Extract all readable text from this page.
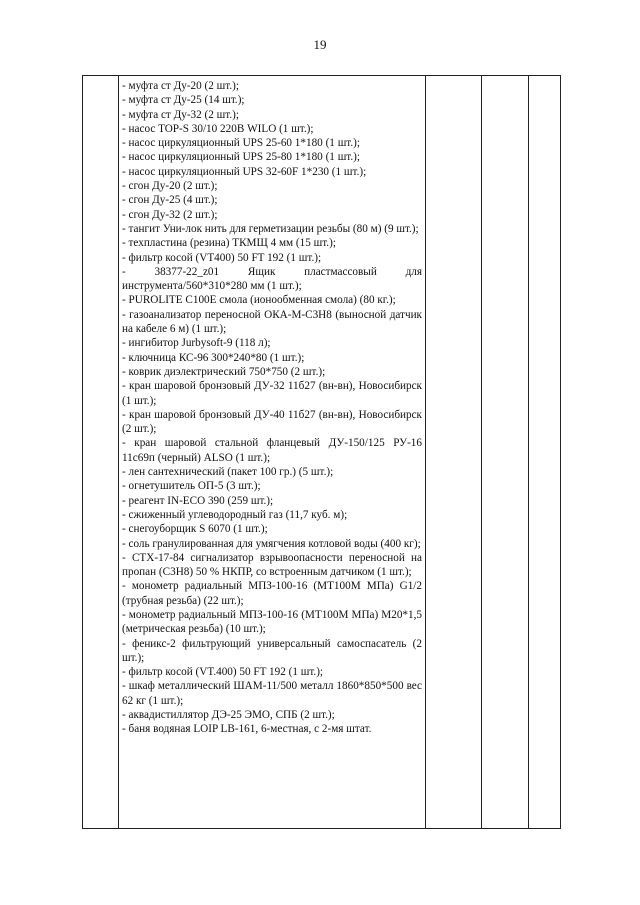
19

- муфта ст Ду-20 (2 шт.);
- муфта ст Ду-25 (14 шт.);
- муфта ст Ду-32 (2 шт.);
- насос TOP-S 30/10 220В WILO (1 шт.);
- насос циркуляционный UPS 25-60 1*180 (1 шт.);
- насос циркуляционный UPS 25-80 1*180 (1 шт.);
- насос циркуляционный UPS 32-60F 1*230 (1 шт.);
- сгон Ду-20 (2 шт.);
- сгон Ду-25 (4 шт.);
- сгон Ду-32 (2 шт.);
- тангит Уни-лок нить для герметизации резьбы (80 м) (9 шт.);
- техпластина (резина) ТКМЩ 4 мм (15 шт.);
- фильтр косой (VT400) 50 FT 192 (1 шт.);
- 38377-22_z01 Ящик пластмассовый для инструмента/560*310*280 мм (1 шт.);
- PUROLITE C100E смола (ионообменная смола) (80 кг.);
- газоанализатор переносной ОКА-М-С3Н8 (выносной датчик на кабеле 6 м) (1 шт.);
- ингибитор Jurbysoft-9 (118 л);
- ключница КС-96 300*240*80 (1 шт.);
- коврик диэлектрический 750*750 (2 шт.);
- кран шаровой бронзовый ДУ-32 11б27 (вн-вн), Новосибирск (1 шт.);
- кран шаровой бронзовый ДУ-40 11б27 (вн-вн), Новосибирск (2 шт.);
- кран шаровой стальной фланцевый ДУ-150/125 РУ-16 11с69п (черный) ALSO (1 шт.);
- лен сантехнический (пакет 100 гр.) (5 шт.);
- огнетушитель ОП-5 (3 шт.);
- реагент IN-ECO 390 (259 шт.);
- сжиженный углеводородный газ (11,7 куб. м);
- снегоуборщик S 6070 (1 шт.);
- соль гранулированная для умягчения котловой воды (400 кг);
- СТХ-17-84 сигнализатор взрывоопасности переносной на пропан (С3Н8) 50 % НКПР, со встроенным датчиком (1 шт.);
- монометр радиальный МПЗ-100-16 (МТ100М МПа) G1/2 (трубная резьба) (22 шт.);
- монометр радиальный МПЗ-100-16 (МТ100М МПа) М20*1,5 (метрическая резьба) (10 шт.);
- феникс-2 фильтрующий универсальный самоспасатель (2 шт.);
- фильтр косой (VT.400) 50 FT 192 (1 шт.);
- шкаф металлический ШАМ-11/500 металл 1860*850*500 вес 62 кг (1 шт.);
- аквадистиллятор ДЭ-25 ЭМО, СПБ (2 шт.);
- баня водяная LOIP LB-161, 6-местная, с 2-мя штат.
